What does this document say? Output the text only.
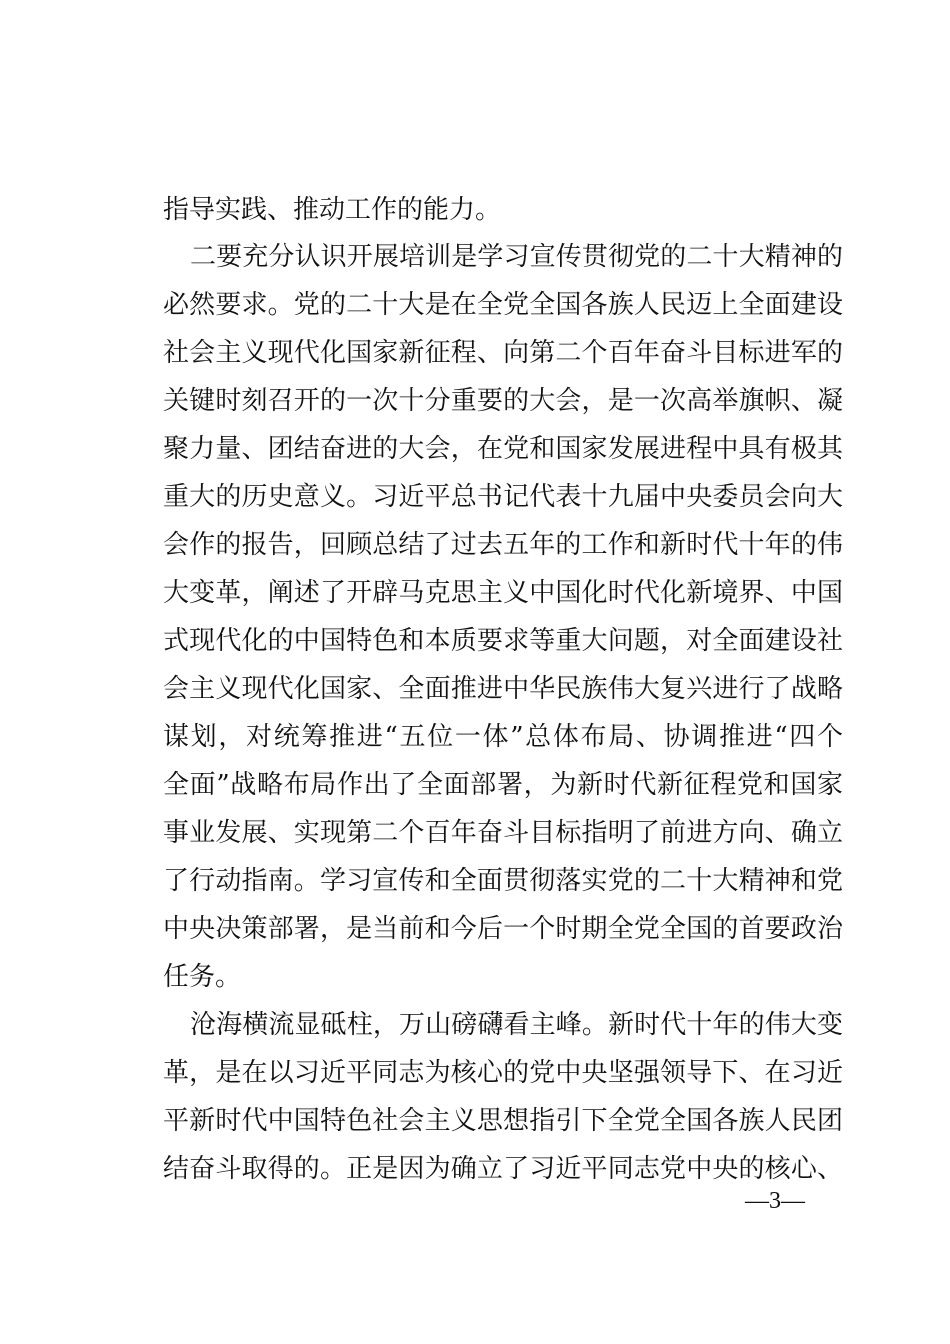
指导实践、推动工作的能力。
二要充分认识开展培训是学习宣传贯彻党的二十大精神的
必然要求。党的二十大是在全党全国各族人民迈上全面建设
社会主义现代化国家新征程、向第二个百年奋斗目标进军的
关键时刻召开的一次十分重要的大会，是一次高举旗帜、凝
聚力量、团结奋进的大会，在党和国家发展进程中具有极其
重大的历史意义。习近平总书记代表十九届中央委员会向大
会作的报告，回顾总结了过去五年的工作和新时代十年的伟
大变革，阐述了开辟马克思主义中国化时代化新境界、中国
式现代化的中国特色和本质要求等重大问题，对全面建设社
会主义现代化国家、全面推进中华民族伟大复兴进行了战略
谋划，对统筹推进“五位一体”总体布局、协调推进“四个
全面”战略布局作出了全面部署，为新时代新征程党和国家
事业发展、实现第二个百年奋斗目标指明了前进方向、确立
了行动指南。学习宣传和全面贯彻落实党的二十大精神和党
中央决策部署，是当前和今后一个时期全党全国的首要政治
任务。
沧海横流显砥柱，万山磅礴看主峰。新时代十年的伟大变
革，是在以习近平同志为核心的党中央坚强领导下、在习近
平新时代中国特色社会主义思想指引下全党全国各族人民团
结奋斗取得的。正是因为确立了习近平同志党中央的核心、
—3—
